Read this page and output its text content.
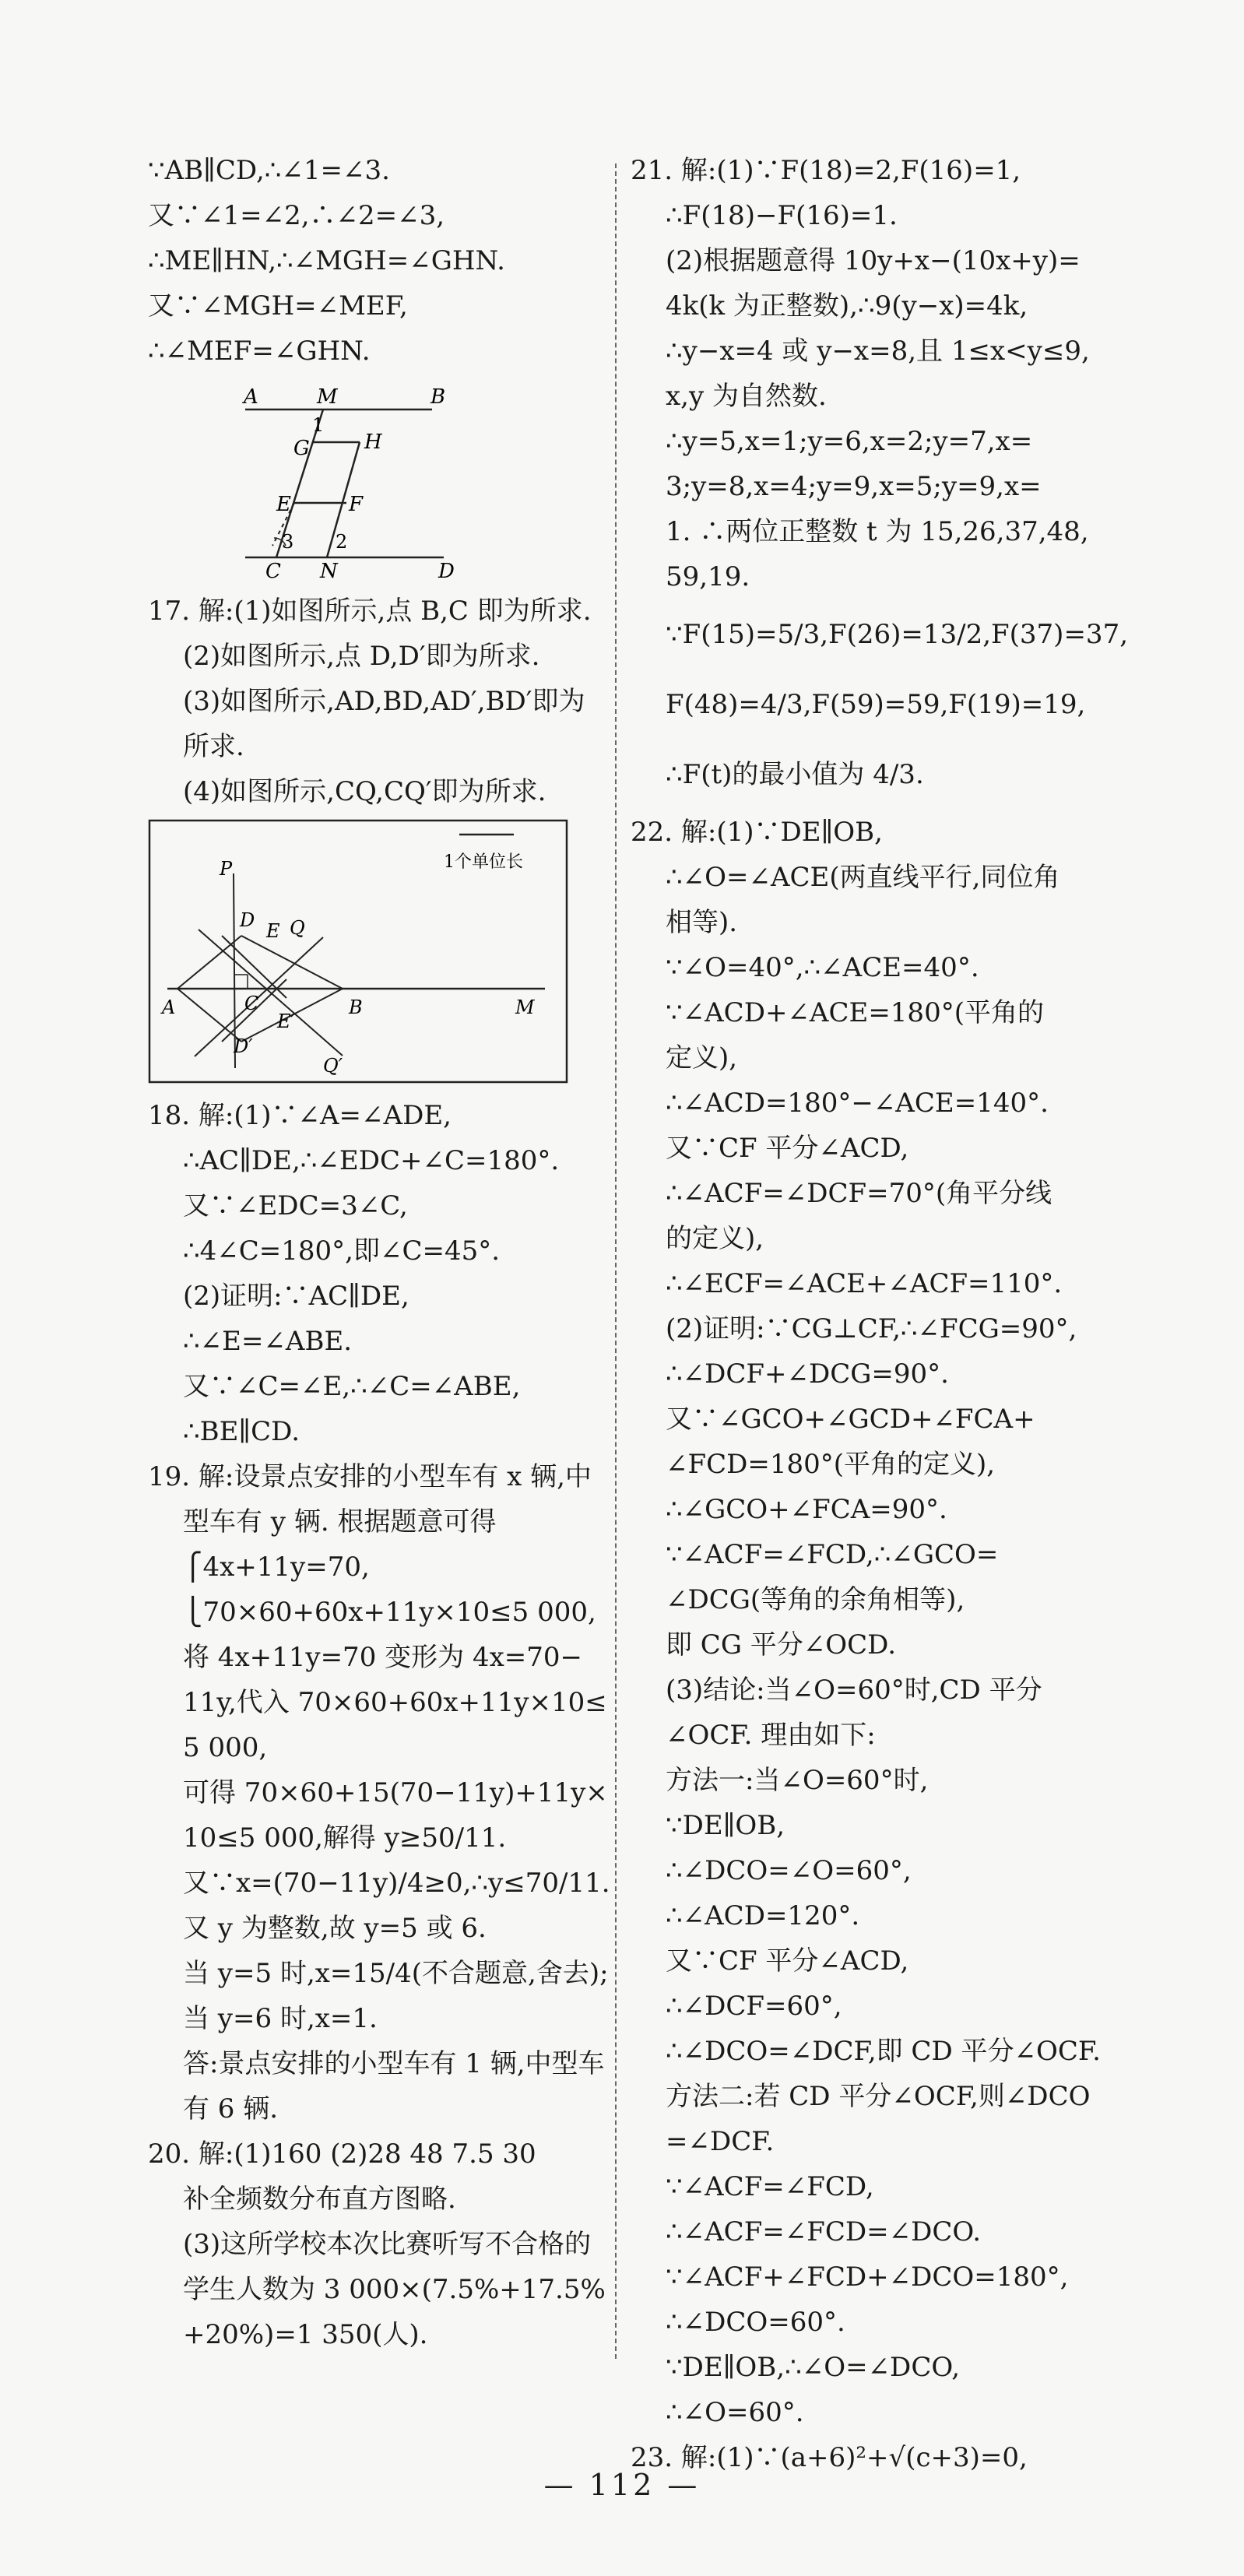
∵AB∥CD,∴∠1=∠3.
又∵∠1=∠2,∴∠2=∠3,
∴ME∥HN,∴∠MGH=∠GHN.
又∵∠MGH=∠MEF,
∴∠MEF=∠GHN.
A	M	B
1
G	H
E	F
3 2
C N	D
17. 解:(1)如图所示,点 B,C 即为所求.
(2)如图所示,点 D,D′即为所求.
(3)如图所示,AD,BD,AD′,BD′即为
所求.
(4)如图所示,CQ,CQ′即为所求.
1个单位长
P
D E Q
A	C	B	M
E′
D′
Q′
18. 解:(1)∵∠A=∠ADE,
∴AC∥DE,∴∠EDC+∠C=180°.
又∵∠EDC=3∠C,
∴4∠C=180°,即∠C=45°.
(2)证明:∵AC∥DE,
∴∠E=∠ABE.
又∵∠C=∠E,∴∠C=∠ABE,
∴BE∥CD.
19. 解:设景点安排的小型车有 x 辆,中
型车有 y 辆. 根据题意可得
⎧4x+11y=70,
⎩70×60+60x+11y×10≤5 000,
将 4x+11y=70 变形为 4x=70−
11y,代入 70×60+60x+11y×10≤
5 000,
可得 70×60+15(70−11y)+11y×
10≤5 000,解得 y≥50/11.
又∵x=(70−11y)/4≥0,∴y≤70/11.
又 y 为整数,故 y=5 或 6.
当 y=5 时,x=15/4(不合题意,舍去);
当 y=6 时,x=1.
答:景点安排的小型车有 1 辆,中型车
有 6 辆.
20. 解:(1)160 (2)28 48 7.5 30
补全频数分布直方图略.
(3)这所学校本次比赛听写不合格的
学生人数为 3 000×(7.5%+17.5%
+20%)=1 350(人).
21. 解:(1)∵F(18)=2,F(16)=1,
∴F(18)−F(16)=1.
(2)根据题意得 10y+x−(10x+y)=
4k(k 为正整数),∴9(y−x)=4k,
∴y−x=4 或 y−x=8,且 1≤x<y≤9,
x,y 为自然数.
∴y=5,x=1;y=6,x=2;y=7,x=
3;y=8,x=4;y=9,x=5;y=9,x=
1. ∴两位正整数 t 为 15,26,37,48,
59,19.
∵F(15)=5/3,F(26)=13/2,F(37)=37,
F(48)=4/3,F(59)=59,F(19)=19,
∴F(t)的最小值为 4/3.
22. 解:(1)∵DE∥OB,
∴∠O=∠ACE(两直线平行,同位角
相等).
∵∠O=40°,∴∠ACE=40°.
∵∠ACD+∠ACE=180°(平角的
定义),
∴∠ACD=180°−∠ACE=140°.
又∵CF 平分∠ACD,
∴∠ACF=∠DCF=70°(角平分线
的定义),
∴∠ECF=∠ACE+∠ACF=110°.
(2)证明:∵CG⊥CF,∴∠FCG=90°,
∴∠DCF+∠DCG=90°.
又∵∠GCO+∠GCD+∠FCA+
∠FCD=180°(平角的定义),
∴∠GCO+∠FCA=90°.
∵∠ACF=∠FCD,∴∠GCO=
∠DCG(等角的余角相等),
即 CG 平分∠OCD.
(3)结论:当∠O=60°时,CD 平分
∠OCF. 理由如下:
方法一:当∠O=60°时,
∵DE∥OB,
∴∠DCO=∠O=60°,
∴∠ACD=120°.
又∵CF 平分∠ACD,
∴∠DCF=60°,
∴∠DCO=∠DCF,即 CD 平分∠OCF.
方法二:若 CD 平分∠OCF,则∠DCO
=∠DCF.
∵∠ACF=∠FCD,
∴∠ACF=∠FCD=∠DCO.
∵∠ACF+∠FCD+∠DCO=180°,
∴∠DCO=60°.
∵DE∥OB,∴∠O=∠DCO,
∴∠O=60°.
23. 解:(1)∵(a+6)²+√(c+3)=0,
— 112 —
